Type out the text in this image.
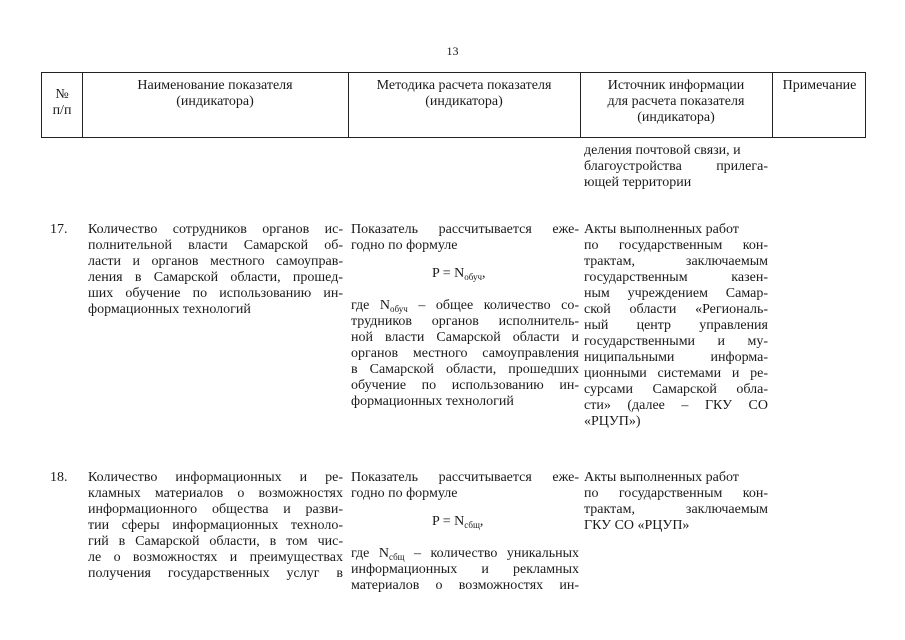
13
№
п/п
Наименование показателя
(индикатора)
Методика расчета показателя
(индикатора)
Источник информации
для расчета показателя
(индикатора)
Примечание
деления почтовой связи, и
благоустройства прилега-
ющей территории
17. Количество сотрудников органов ис-
полнительной власти Самарской об-
ласти и органов местного самоуправ-
ления в Самарской области, прошед-
ших обучение по использованию ин-
формационных технологий
Показатель рассчитывается еже-
годно по формуле
$P = N_{обуч}$,
где $N_{обуч}$ – общее количество со-
трудников органов исполнитель-
ной власти Самарской области и
органов местного самоуправления
в Самарской области, прошедших
обучение по использованию ин-
формационных технологий
Акты выполненных работ
по государственным кон-
трактам, заключаемым
государственным казен-
ным учреждением Самар-
ской области «Региональ-
ный центр управления
государственными и му-
ниципальными информа-
ционными системами и ре-
сурсами Самарской обла-
сти» (далее – ГКУ СО
«РЦУП»)
18. Количество информационных и ре-
кламных материалов о возможностях
информационного общества и разви-
тии сферы информационных техноло-
гий в Самарской области, в том чис-
ле о возможностях и преимуществах
получения государственных услуг в
Показатель рассчитывается еже-
годно по формуле
$P = N_{сбщ}$,
где $N_{сбщ}$ – количество уникальных
информационных и рекламных
материалов о возможностях ин-
Акты выполненных работ
по государственным кон-
трактам, заключаемым
ГКУ СО «РЦУП»
